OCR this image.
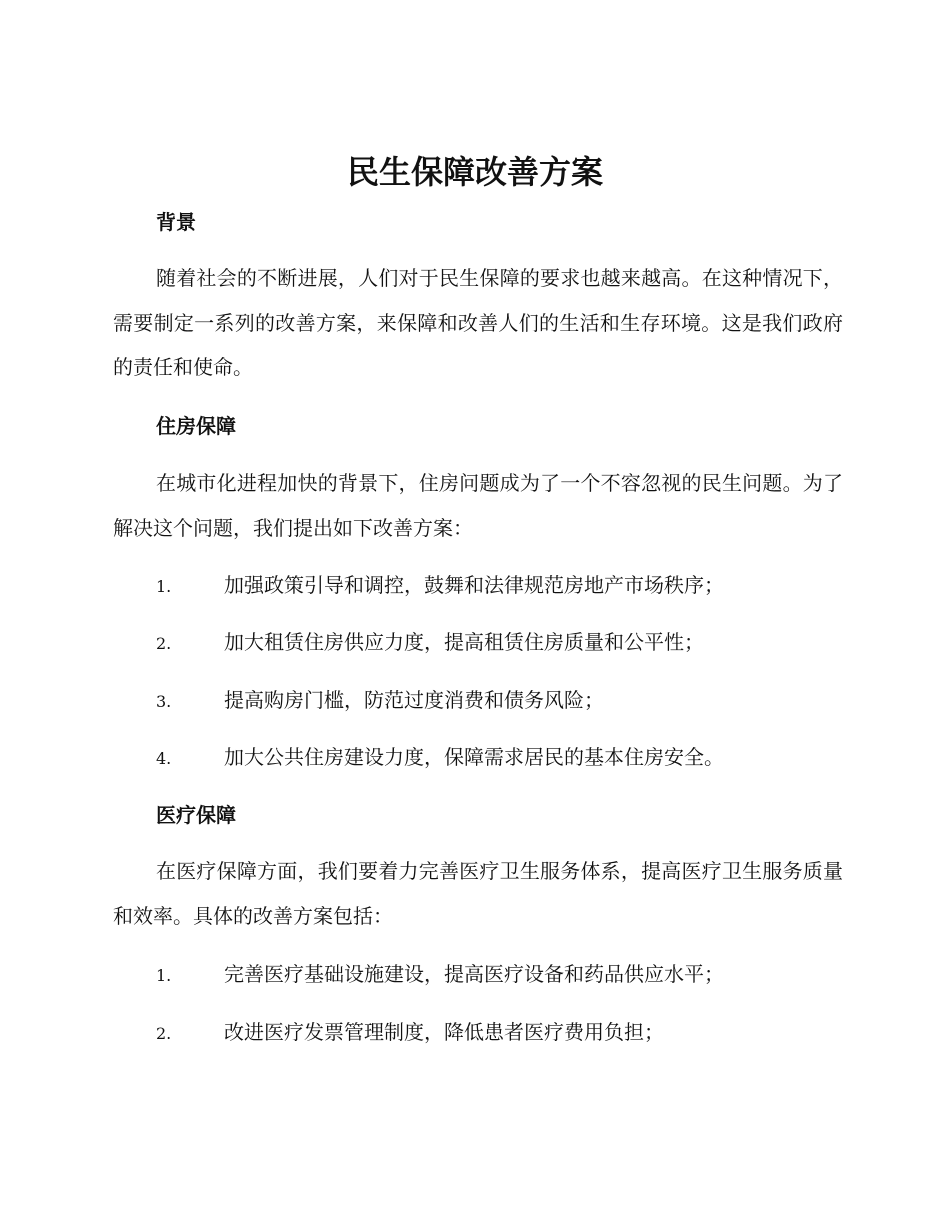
民生保障改善方案
背景

随着社会的不断进展，人们对于民生保障的要求也越来越高。在这种情况下，需要制定一系列的改善方案，来保障和改善人们的生活和生存环境。这是我们政府的责任和使命。

住房保障

在城市化进程加快的背景下，住房问题成为了一个不容忽视的民生问题。为了解决这个问题，我们提出如下改善方案：

1.	加强政策引导和调控，鼓舞和法律规范房地产市场秩序；
2.	加大租赁住房供应力度，提高租赁住房质量和公平性；
3.	提高购房门槛，防范过度消费和债务风险；
4.	加大公共住房建设力度，保障需求居民的基本住房安全。
医疗保障

在医疗保障方面，我们要着力完善医疗卫生服务体系，提高医疗卫生服务质量和效率。具体的改善方案包括：

1.	完善医疗基础设施建设，提高医疗设备和药品供应水平；
2.	改进医疗发票管理制度，降低患者医疗费用负担；
